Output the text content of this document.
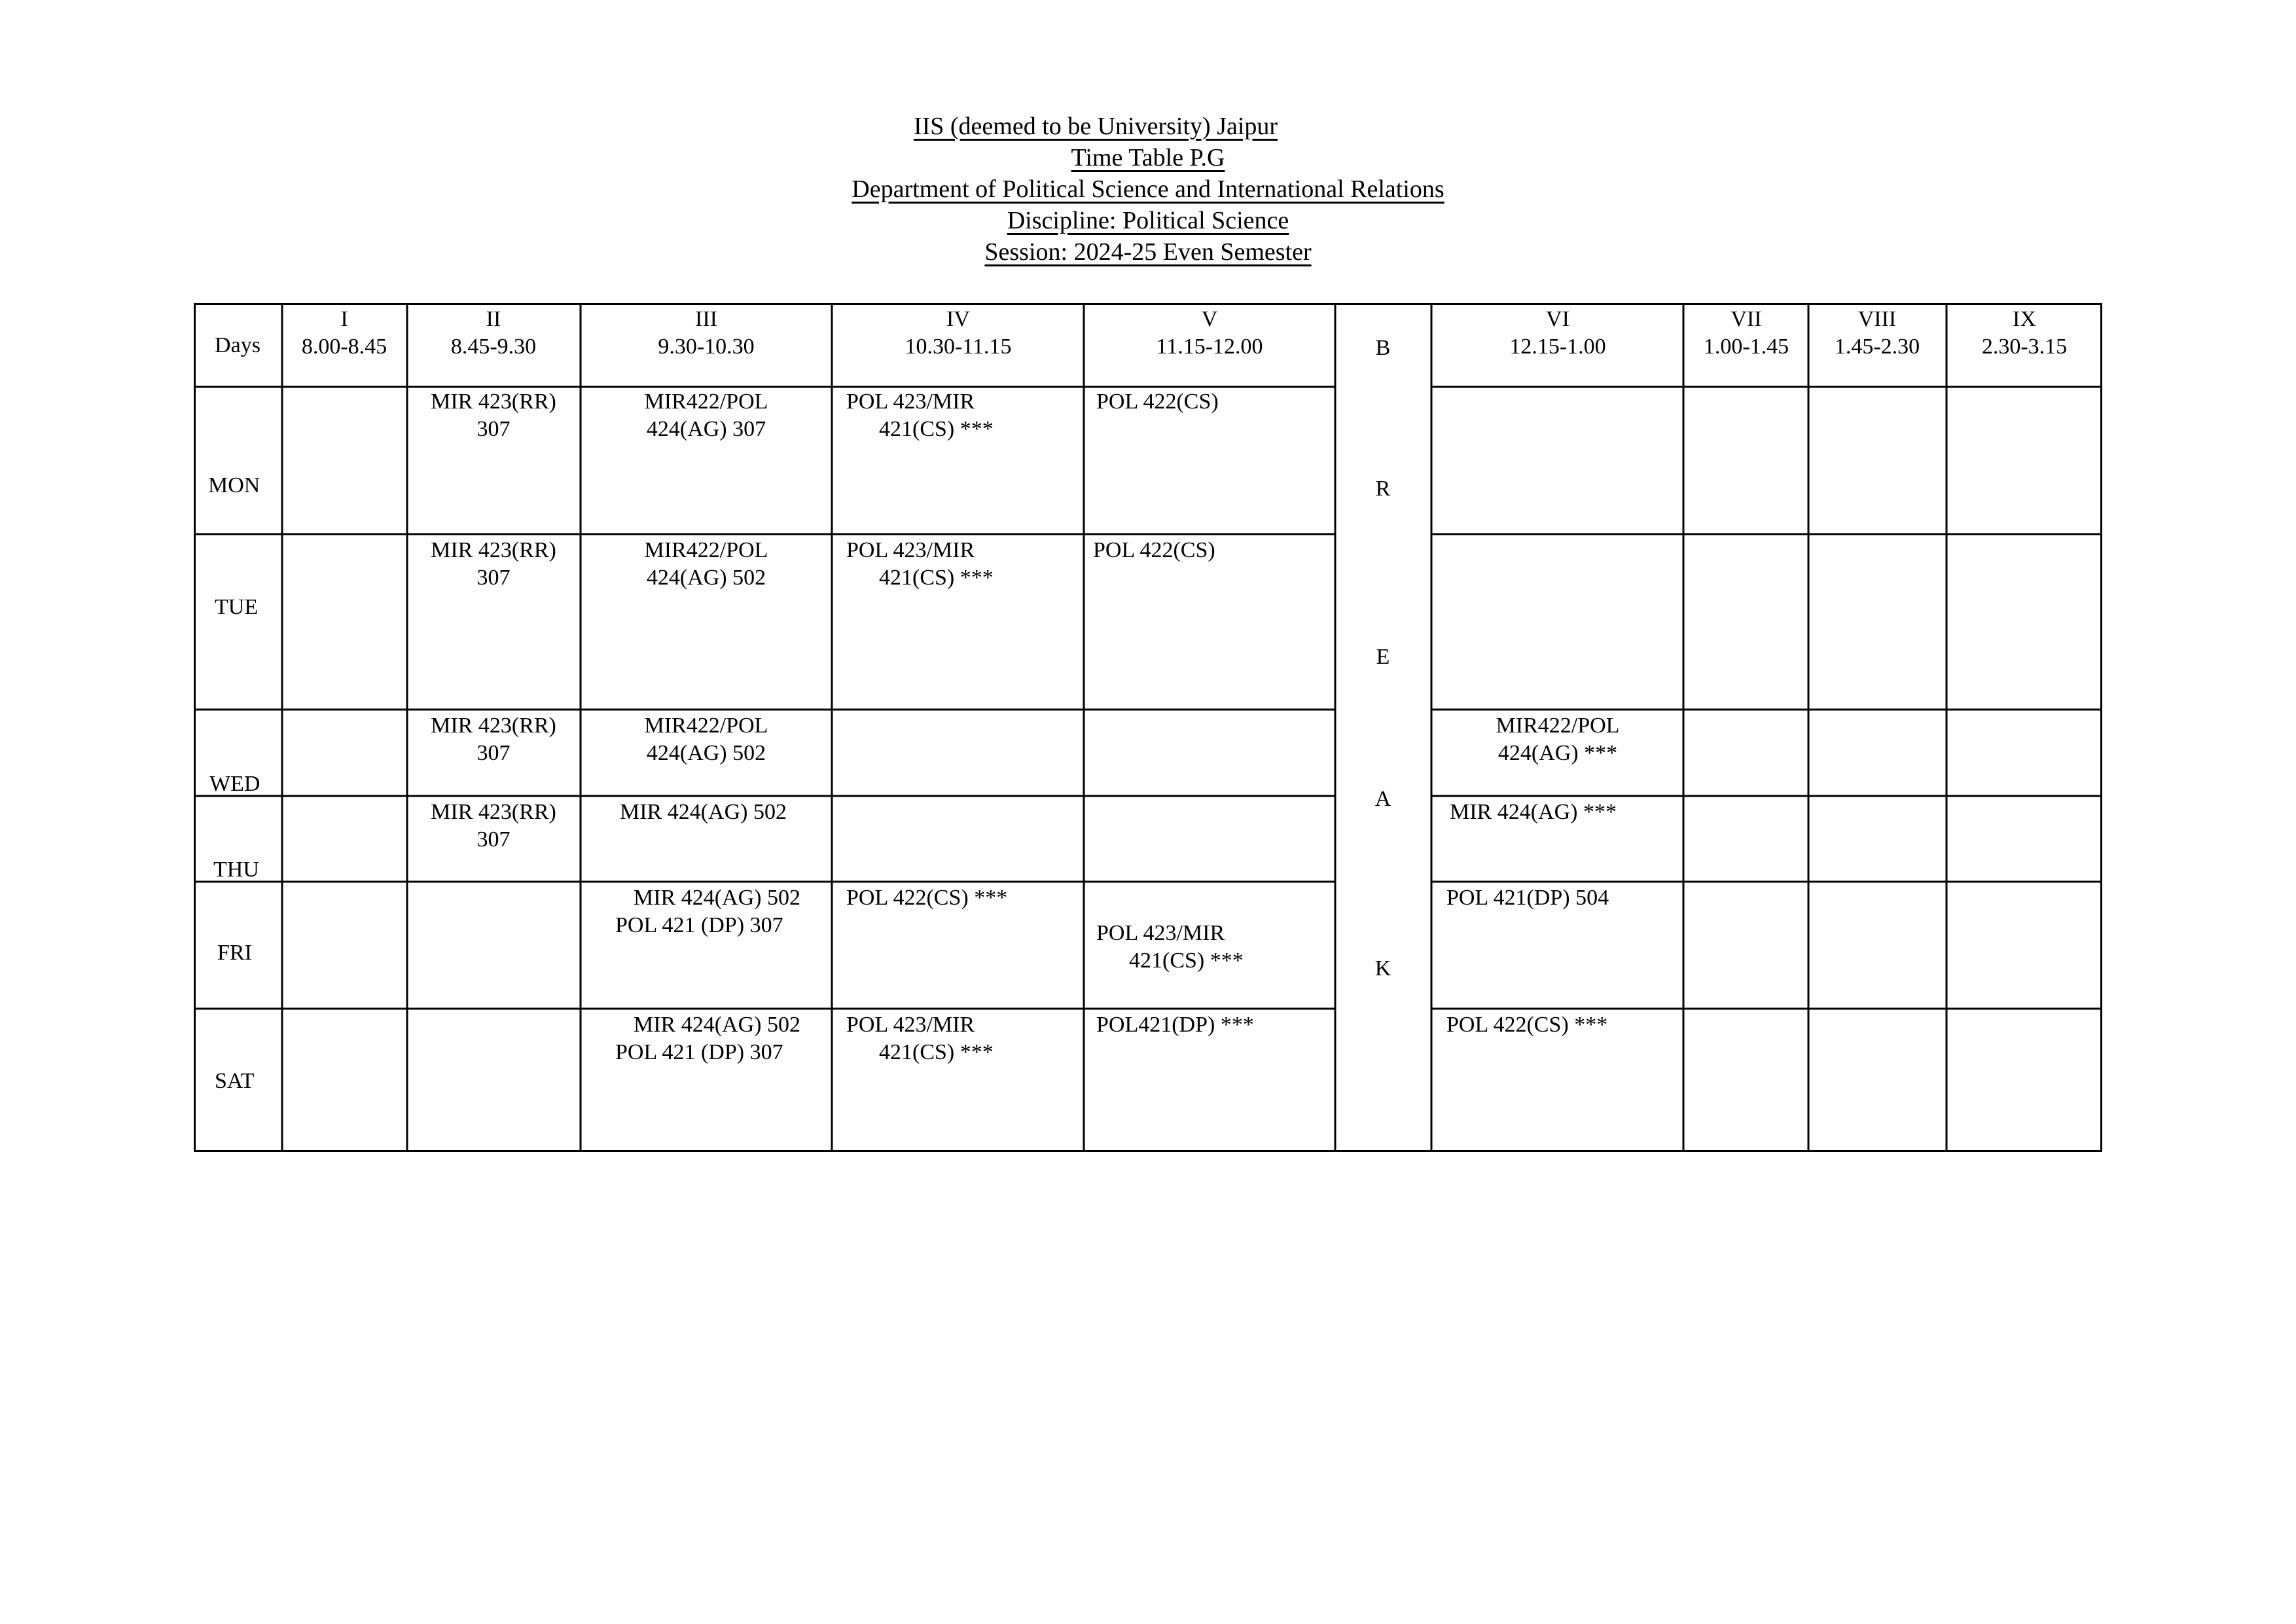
IIS (deemed to be University) Jaipur
Time Table P.G
Department of Political Science and International Relations
Discipline: Political Science
Session: 2024-25 Even Semester
Days
I
8.00-8.45
II
8.45-9.30
III
9.30-10.30
IV
10.30-11.15
V
11.15-12.00
VI
12.15-1.00
VII
1.00-1.45
VIII
1.45-2.30
IX
2.30-3.15
B
R
E
A
K
MON
MIR 423(RR)
307
MIR422/POL
424(AG) 307
POL 423/MIR
421(CS) ***
POL 422(CS)
TUE
MIR 423(RR)
307
MIR422/POL
424(AG) 502
POL 423/MIR
421(CS) ***
POL 422(CS)
WED
MIR 423(RR)
307
MIR422/POL
424(AG) 502
MIR422/POL
424(AG) ***
THU
MIR 423(RR)
307
MIR 424(AG) 502	MIR 424(AG) ***
FRI
MIR 424(AG) 502
POL 421 (DP) 307
POL 422(CS) ***
POL 423/MIR
421(CS) ***
POL 421(DP) 504
SAT
MIR 424(AG) 502
POL 421 (DP) 307
POL 423/MIR
421(CS) ***
POL421(DP) ***	POL 422(CS) ***
